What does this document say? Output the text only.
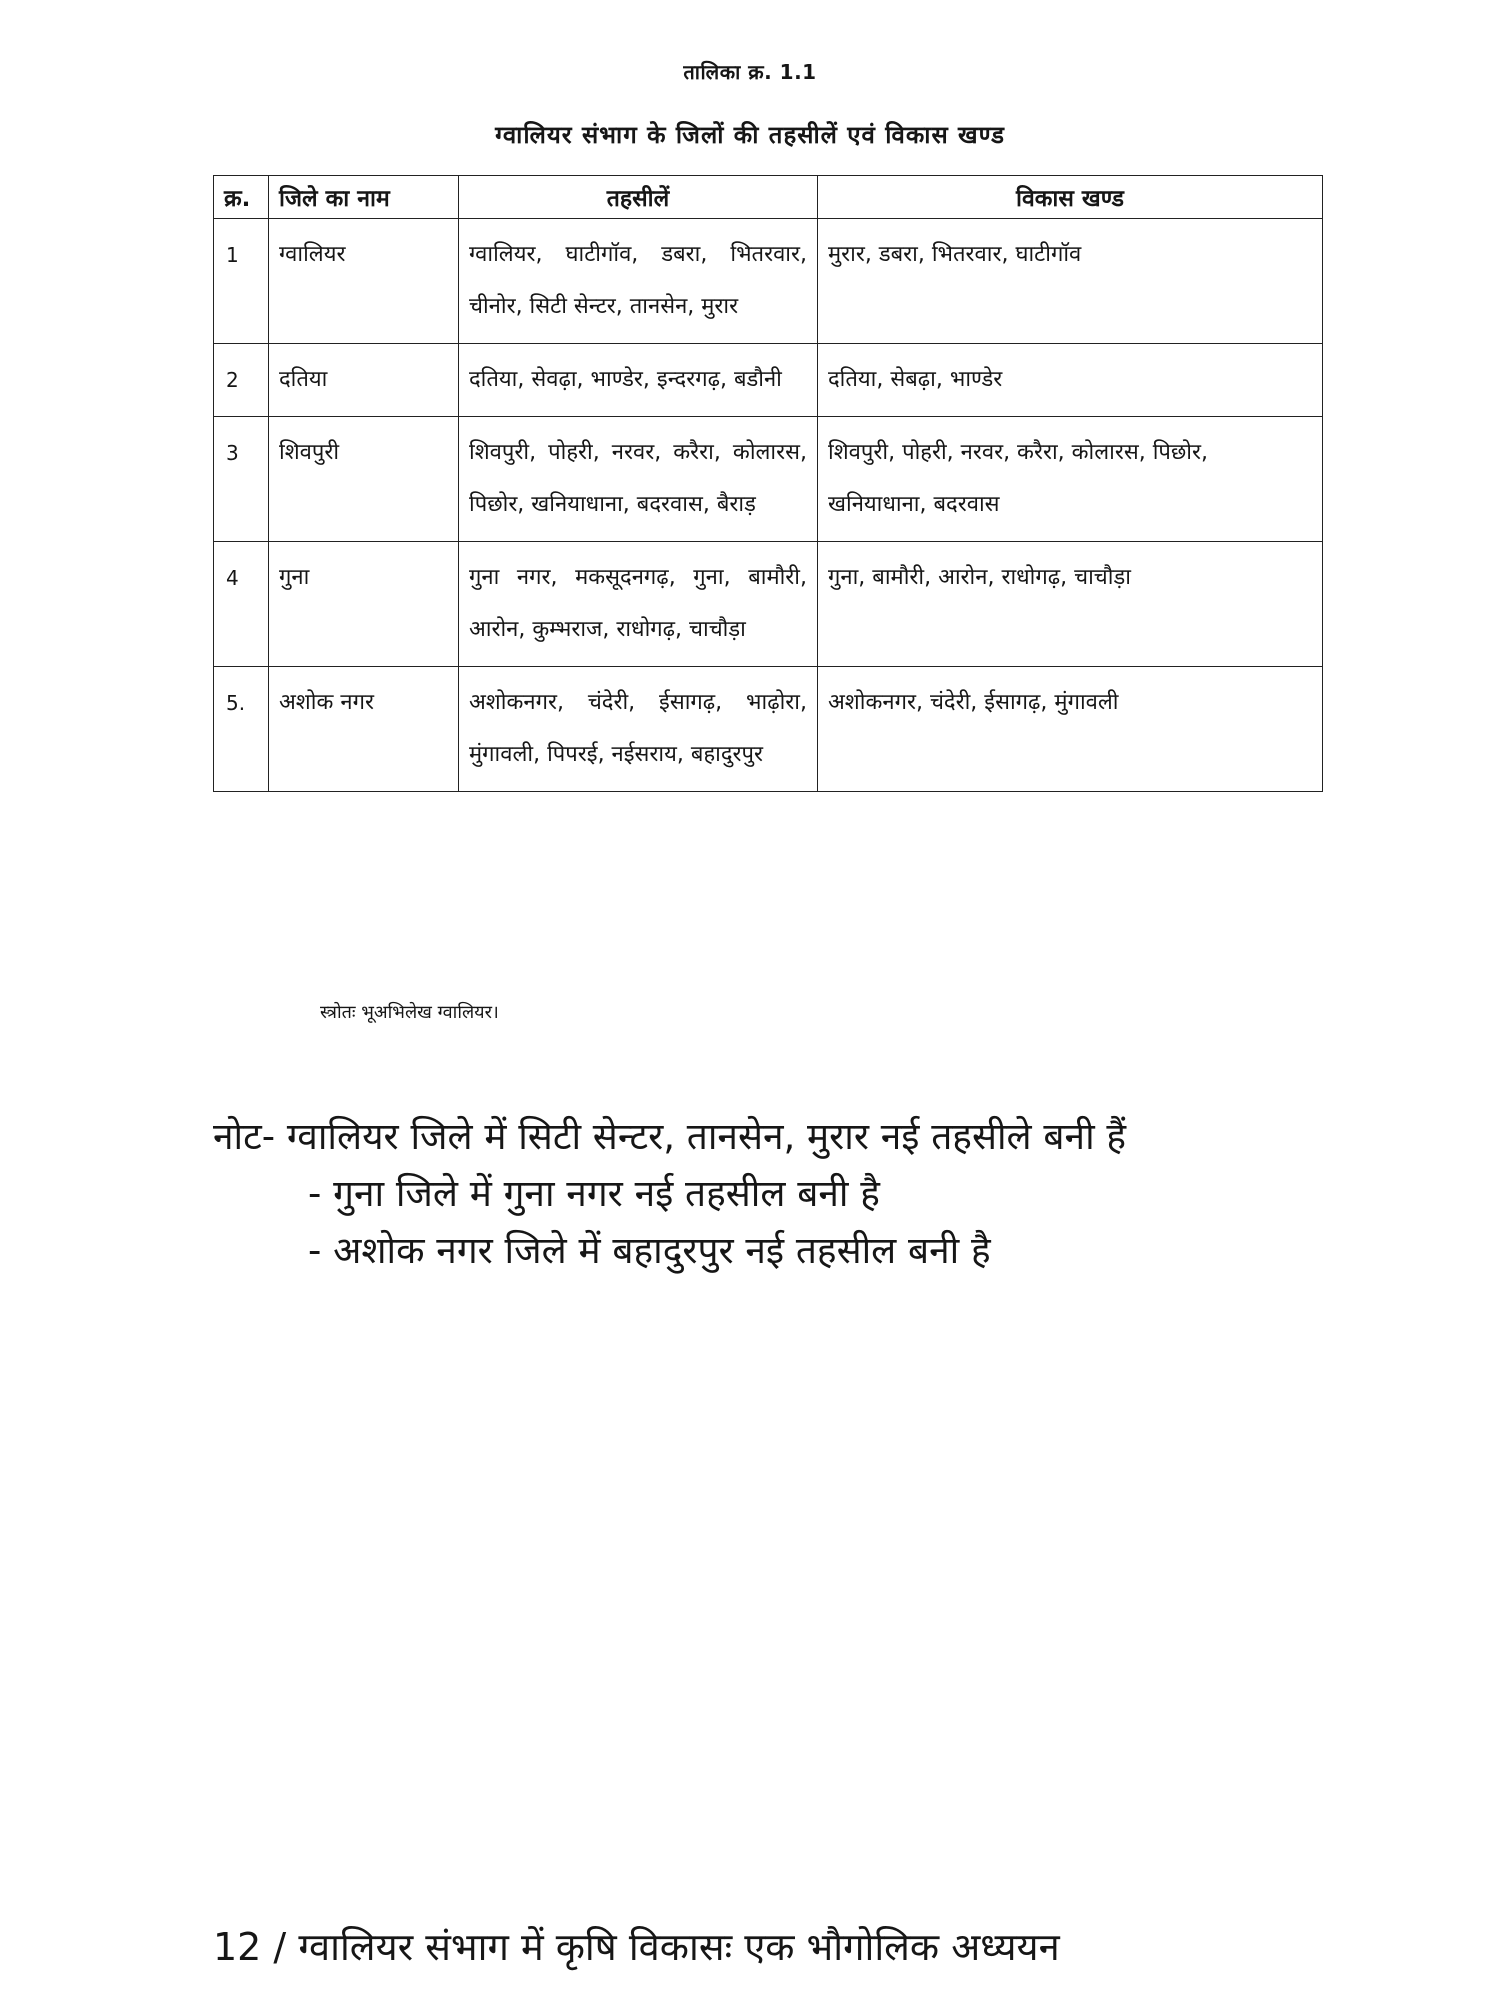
तालिका क्र. 1.1
ग्वालियर संभाग के जिलों की तहसीलें एवं विकास खण्ड
क्र.	जिले का नाम	तहसीलें	विकास खण्ड
1	ग्वालियर	ग्वालियर, घाटीगॉव, डबरा, भितरवार, चीनोर, सिटी सेन्टर, तानसेन, मुरार	मुरार, डबरा, भितरवार, घाटीगॉव
2	दतिया	दतिया, सेवढ़ा, भाण्डेर, इन्दरगढ़, बडौनी	दतिया, सेबढ़ा, भाण्डेर
3	शिवपुरी	शिवपुरी, पोहरी, नरवर, करैरा, कोलारस, पिछोर, खनियाधाना, बदरवास, बैराड़	शिवपुरी, पोहरी, नरवर, करैरा, कोलारस, पिछोर, खनियाधाना, बदरवास
4	गुना	गुना नगर, मकसूदनगढ़, गुना, बामौरी, आरोन, कुम्भराज, राधोगढ़, चाचौड़ा	गुना, बामौरी, आरोन, राधोगढ़, चाचौड़ा
5.	अशोक नगर	अशोकनगर, चंदेरी, ईसागढ़, भाढ़ोरा, मुंगावली, पिपरई, नईसराय, बहादुरपुर	अशोकनगर, चंदेरी, ईसागढ़, मुंगावली
स्त्रोतः भूअभिलेख ग्वालियर।
नोट- ग्वालियर जिले में सिटी सेन्टर, तानसेन, मुरार नई तहसीले बनी हैं
- गुना जिले में गुना नगर नई तहसील बनी है
- अशोक नगर जिले में बहादुरपुर नई तहसील बनी है
12 / ग्वालियर संभाग में कृषि विकासः एक भौगोलिक अध्ययन
